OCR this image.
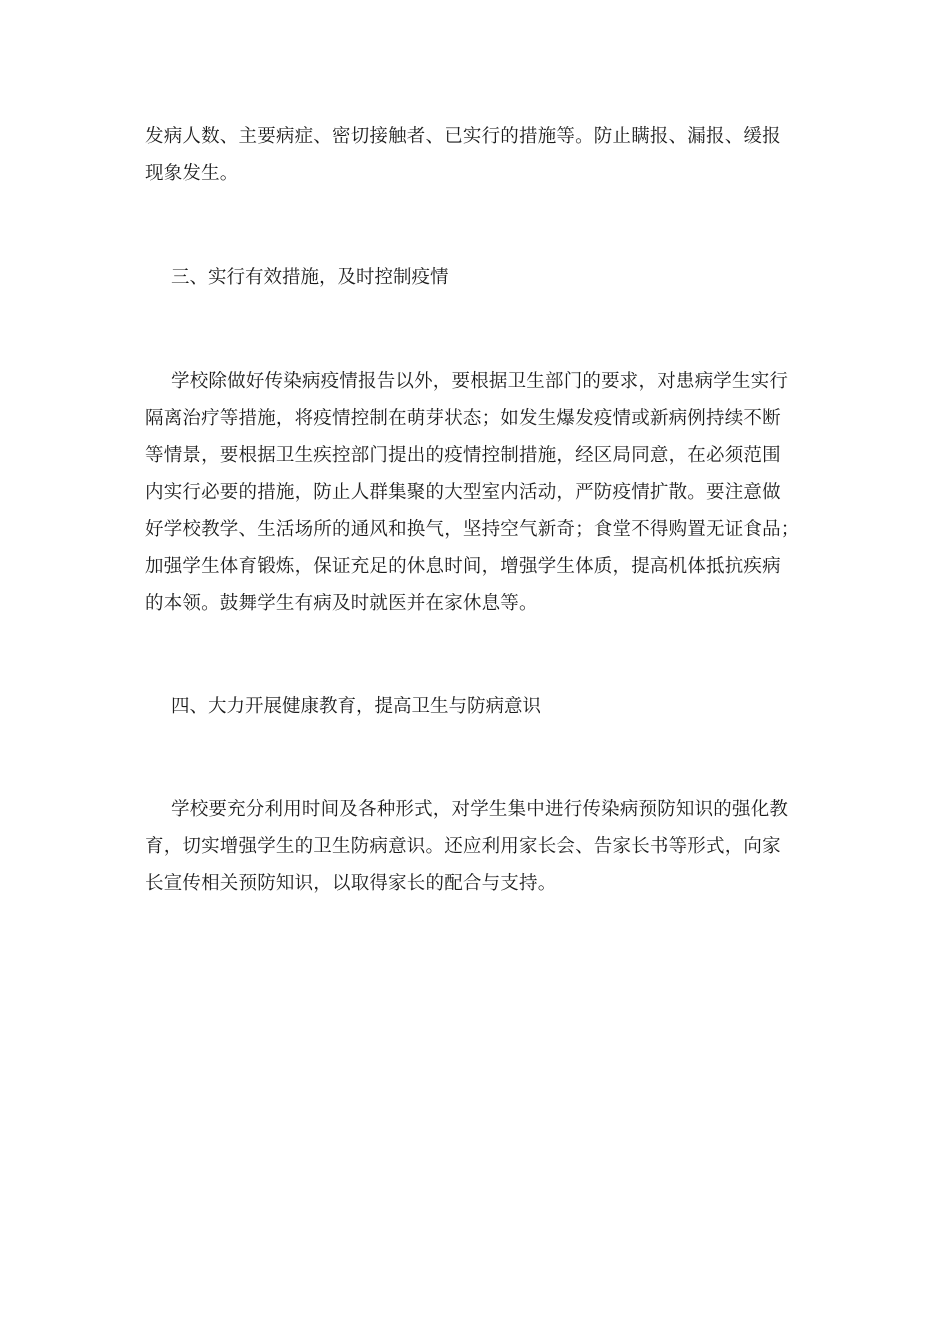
发病人数、主要病症、密切接触者、已实行的措施等。防止瞒报、漏报、缓报
现象发生。

三、实行有效措施，及时控制疫情

学校除做好传染病疫情报告以外，要根据卫生部门的要求，对患病学生实行
隔离治疗等措施，将疫情控制在萌芽状态；如发生爆发疫情或新病例持续不断
等情景，要根据卫生疾控部门提出的疫情控制措施，经区局同意，在必须范围
内实行必要的措施，防止人群集聚的大型室内活动，严防疫情扩散。要注意做
好学校教学、生活场所的通风和换气，坚持空气新奇；食堂不得购置无证食品；
加强学生体育锻炼，保证充足的休息时间，增强学生体质，提高机体抵抗疾病
的本领。鼓舞学生有病及时就医并在家休息等。

四、大力开展健康教育，提高卫生与防病意识

学校要充分利用时间及各种形式，对学生集中进行传染病预防知识的强化教
育，切实增强学生的卫生防病意识。还应利用家长会、告家长书等形式，向家
长宣传相关预防知识，以取得家长的配合与支持。
